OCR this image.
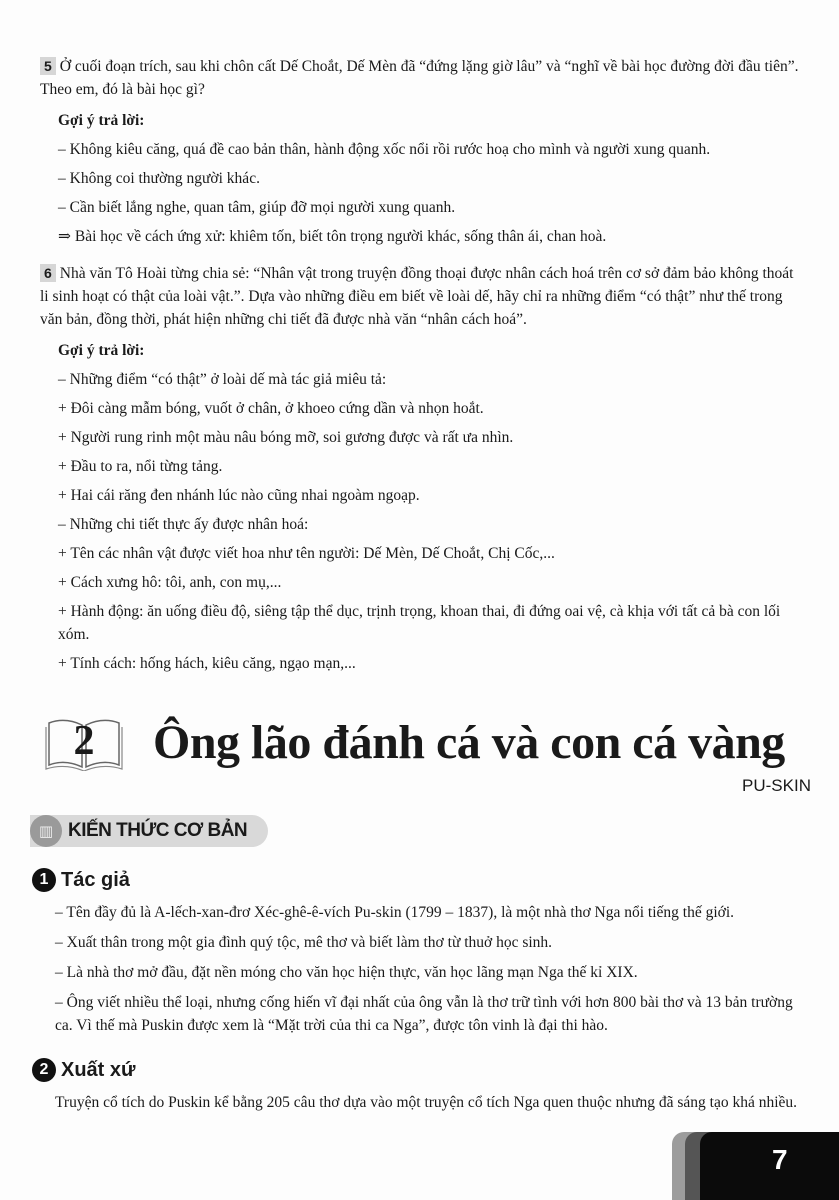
5 Ở cuối đoạn trích, sau khi chôn cất Dế Choắt, Dế Mèn đã “đứng lặng giờ lâu” và “nghĩ về bài học đường đời đầu tiên”. Theo em, đó là bài học gì?
Gợi ý trả lời:
– Không kiêu căng, quá đề cao bản thân, hành động xốc nổi rồi rước hoạ cho mình và người xung quanh.
– Không coi thường người khác.
– Cần biết lắng nghe, quan tâm, giúp đỡ mọi người xung quanh.
⇒ Bài học về cách ứng xử: khiêm tốn, biết tôn trọng người khác, sống thân ái, chan hoà.
6 Nhà văn Tô Hoài từng chia sẻ: “Nhân vật trong truyện đồng thoại được nhân cách hoá trên cơ sở đảm bảo không thoát li sinh hoạt có thật của loài vật.”. Dựa vào những điều em biết về loài dế, hãy chỉ ra những điểm “có thật” như thế trong văn bản, đồng thời, phát hiện những chi tiết đã được nhà văn “nhân cách hoá”.
Gợi ý trả lời:
– Những điểm “có thật” ở loài dế mà tác giả miêu tả:
+ Đôi càng mẫm bóng, vuốt ở chân, ở khoeo cứng dần và nhọn hoắt.
+ Người rung rinh một màu nâu bóng mỡ, soi gương được và rất ưa nhìn.
+ Đầu to ra, nổi từng tảng.
+ Hai cái răng đen nhánh lúc nào cũng nhai ngoàm ngoạp.
– Những chi tiết thực ấy được nhân hoá:
+ Tên các nhân vật được viết hoa như tên người: Dế Mèn, Dế Choắt, Chị Cốc,...
+ Cách xưng hô: tôi, anh, con mụ,...
+ Hành động: ăn uống điều độ, siêng tập thể dục, trịnh trọng, khoan thai, đi đứng oai vệ, cà khịa với tất cả bà con lối xóm.
+ Tính cách: hống hách, kiêu căng, ngạo mạn,...
2	Ông lão đánh cá và con cá vàng
PU-SKIN
▥ KIẾN THỨC CƠ BẢN
1 Tác giả
– Tên đầy đủ là A-lếch-xan-đrơ Xéc-ghê-ê-vích Pu-skin (1799 – 1837), là một nhà thơ Nga nổi tiếng thế giới.
– Xuất thân trong một gia đình quý tộc, mê thơ và biết làm thơ từ thuở học sinh.
– Là nhà thơ mở đầu, đặt nền móng cho văn học hiện thực, văn học lãng mạn Nga thế kỉ XIX.
– Ông viết nhiều thể loại, nhưng cống hiến vĩ đại nhất của ông vẫn là thơ trữ tình với hơn 800 bài thơ và 13 bản trường ca. Vì thế mà Puskin được xem là “Mặt trời của thi ca Nga”, được tôn vinh là đại thi hào.
2 Xuất xứ
Truyện cổ tích do Puskin kể bằng 205 câu thơ dựa vào một truyện cổ tích Nga quen thuộc nhưng đã sáng tạo khá nhiều.
7
